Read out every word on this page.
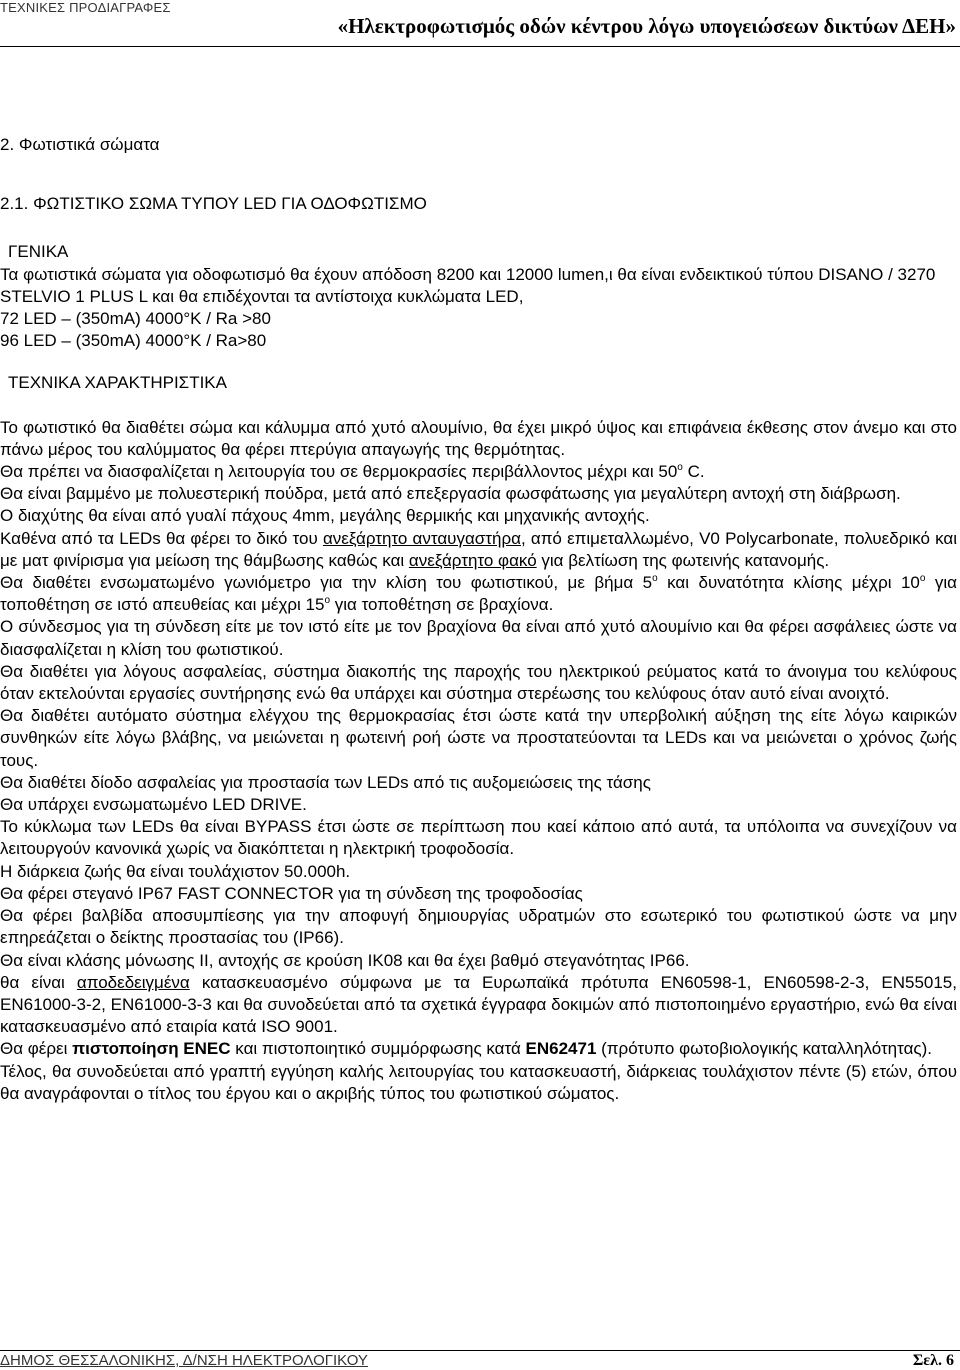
ΤΕΧΝΙΚΕΣ ΠΡΟΔΙΑΓΡΑΦΕΣ
«Ηλεκτροφωτισμός οδών κέντρου λόγω υπογειώσεων δικτύων ΔΕΗ»

2. Φωτιστικά σώματα

2.1. ΦΩΤΙΣΤΙΚΟ ΣΩΜΑ ΤΥΠΟΥ LED ΓΙΑ ΟΔΟΦΩΤΙΣΜΟ

ΓΕΝΙΚΑ

Τα φωτιστικά σώματα για οδοφωτισμό θα έχουν απόδοση 8200 και 12000 lumen,ι θα είναι ενδεικτικού τύπου DISANO / 3270 STELVIO 1 PLUS L και θα επιδέχονται τα αντίστοιχα κυκλώματα LED,

72 LED – (350mA) 4000°K / Ra >80

96 LED – (350mA) 4000°K / Ra>80

ΤΕΧΝΙΚΑ ΧΑΡΑΚΤΗΡΙΣΤΙΚΑ

Το φωτιστικό θα διαθέτει σώμα και κάλυμμα από χυτό αλουμίνιο, θα έχει μικρό ύψος και επιφάνεια έκθεσης στον άνεμο και στο πάνω μέρος του καλύμματος θα φέρει πτερύγια απαγωγής της θερμότητας.

Θα πρέπει να διασφαλίζεται η λειτουργία του σε θερμοκρασίες περιβάλλοντος μέχρι και $50^o$ C.

Θα είναι βαμμένο με πολυεστερική πούδρα, μετά από επεξεργασία φωσφάτωσης για μεγαλύτερη αντοχή στη διάβρωση.

Ο διαχύτης θα είναι από γυαλί πάχους 4mm, μεγάλης θερμικής και μηχανικής αντοχής.

Καθένα από τα LEDs θα φέρει το δικό του ανεξάρτητο ανταυγαστήρα, από επιμεταλλωμένο, V0 Polycarbonate, πολυεδρικό και με ματ φινίρισμα για μείωση της θάμβωσης καθώς και ανεξάρτητο φακό για βελτίωση της φωτεινής κατανομής.

Θα διαθέτει ενσωματωμένο γωνιόμετρο για την κλίση του φωτιστικού, με βήμα $5^o$ και δυνατότητα κλίσης μέχρι $10^o$ για τοποθέτηση σε ιστό απευθείας και μέχρι $15^o$ για τοποθέτηση σε βραχίονα.

Ο σύνδεσμος για τη σύνδεση είτε με τον ιστό είτε με τον βραχίονα θα είναι από χυτό αλουμίνιο και θα φέρει ασφάλειες ώστε να διασφαλίζεται η κλίση του φωτιστικού.

Θα διαθέτει για λόγους ασφαλείας, σύστημα διακοπής της παροχής του ηλεκτρικού ρεύματος κατά το άνοιγμα του κελύφους όταν εκτελούνται εργασίες συντήρησης ενώ θα υπάρχει και σύστημα στερέωσης του κελύφους όταν αυτό είναι ανοιχτό.

Θα διαθέτει αυτόματο σύστημα ελέγχου της θερμοκρασίας έτσι ώστε κατά την υπερβολική αύξηση της είτε λόγω καιρικών συνθηκών είτε λόγω βλάβης, να μειώνεται η φωτεινή ροή ώστε να προστατεύονται τα LEDs και να μειώνεται ο χρόνος ζωής τους.

Θα διαθέτει δίοδο ασφαλείας για προστασία των LEDs από τις αυξομειώσεις της τάσης

Θα υπάρχει ενσωματωμένο LED DRIVE.

Το κύκλωμα των LEDs θα είναι BYPASS έτσι ώστε σε περίπτωση που καεί κάποιο από αυτά, τα υπόλοιπα να συνεχίζουν να λειτουργούν κανονικά χωρίς να διακόπτεται η ηλεκτρική τροφοδοσία.

Η διάρκεια ζωής θα είναι τουλάχιστον 50.000h.

Θα φέρει στεγανό IP67 FAST CONNECTOR για τη σύνδεση της τροφοδοσίας

Θα φέρει βαλβίδα αποσυμπίεσης για την αποφυγή δημιουργίας υδρατμών στο εσωτερικό του φωτιστικού ώστε να μην επηρεάζεται ο δείκτης προστασίας του (IP66).

Θα είναι κλάσης μόνωσης ΙΙ, αντοχής σε κρούση ΙΚ08 και θα έχει βαθμό στεγανότητας IP66.

θα είναι αποδεδειγμένα κατασκευασμένο σύμφωνα με τα Ευρωπαϊκά πρότυπα ΕΝ60598-1, ΕΝ60598-2-3, ΕΝ55015, ΕΝ61000-3-2, ΕΝ61000-3-3 και θα συνοδεύεται από τα σχετικά έγγραφα δοκιμών από πιστοποιημένο εργαστήριο, ενώ θα είναι κατασκευασμένο από εταιρία κατά ISO 9001.

Θα φέρει πιστοποίηση ENEC και πιστοποιητικό συμμόρφωσης κατά EN62471 (πρότυπο φωτοβιολογικής καταλληλότητας).

Τέλος, θα συνοδεύεται από γραπτή εγγύηση καλής λειτουργίας του κατασκευαστή, διάρκειας τουλάχιστον πέντε (5) ετών, όπου θα αναγράφονται ο τίτλος του έργου και ο ακριβής τύπος του φωτιστικού σώματος.

ΔΗΜΟΣ ΘΕΣΣΑΛΟΝΙΚΗΣ, Δ/ΝΣΗ ΗΛΕΚΤΡΟΛΟΓΙΚΟΥ	Σελ. 6
